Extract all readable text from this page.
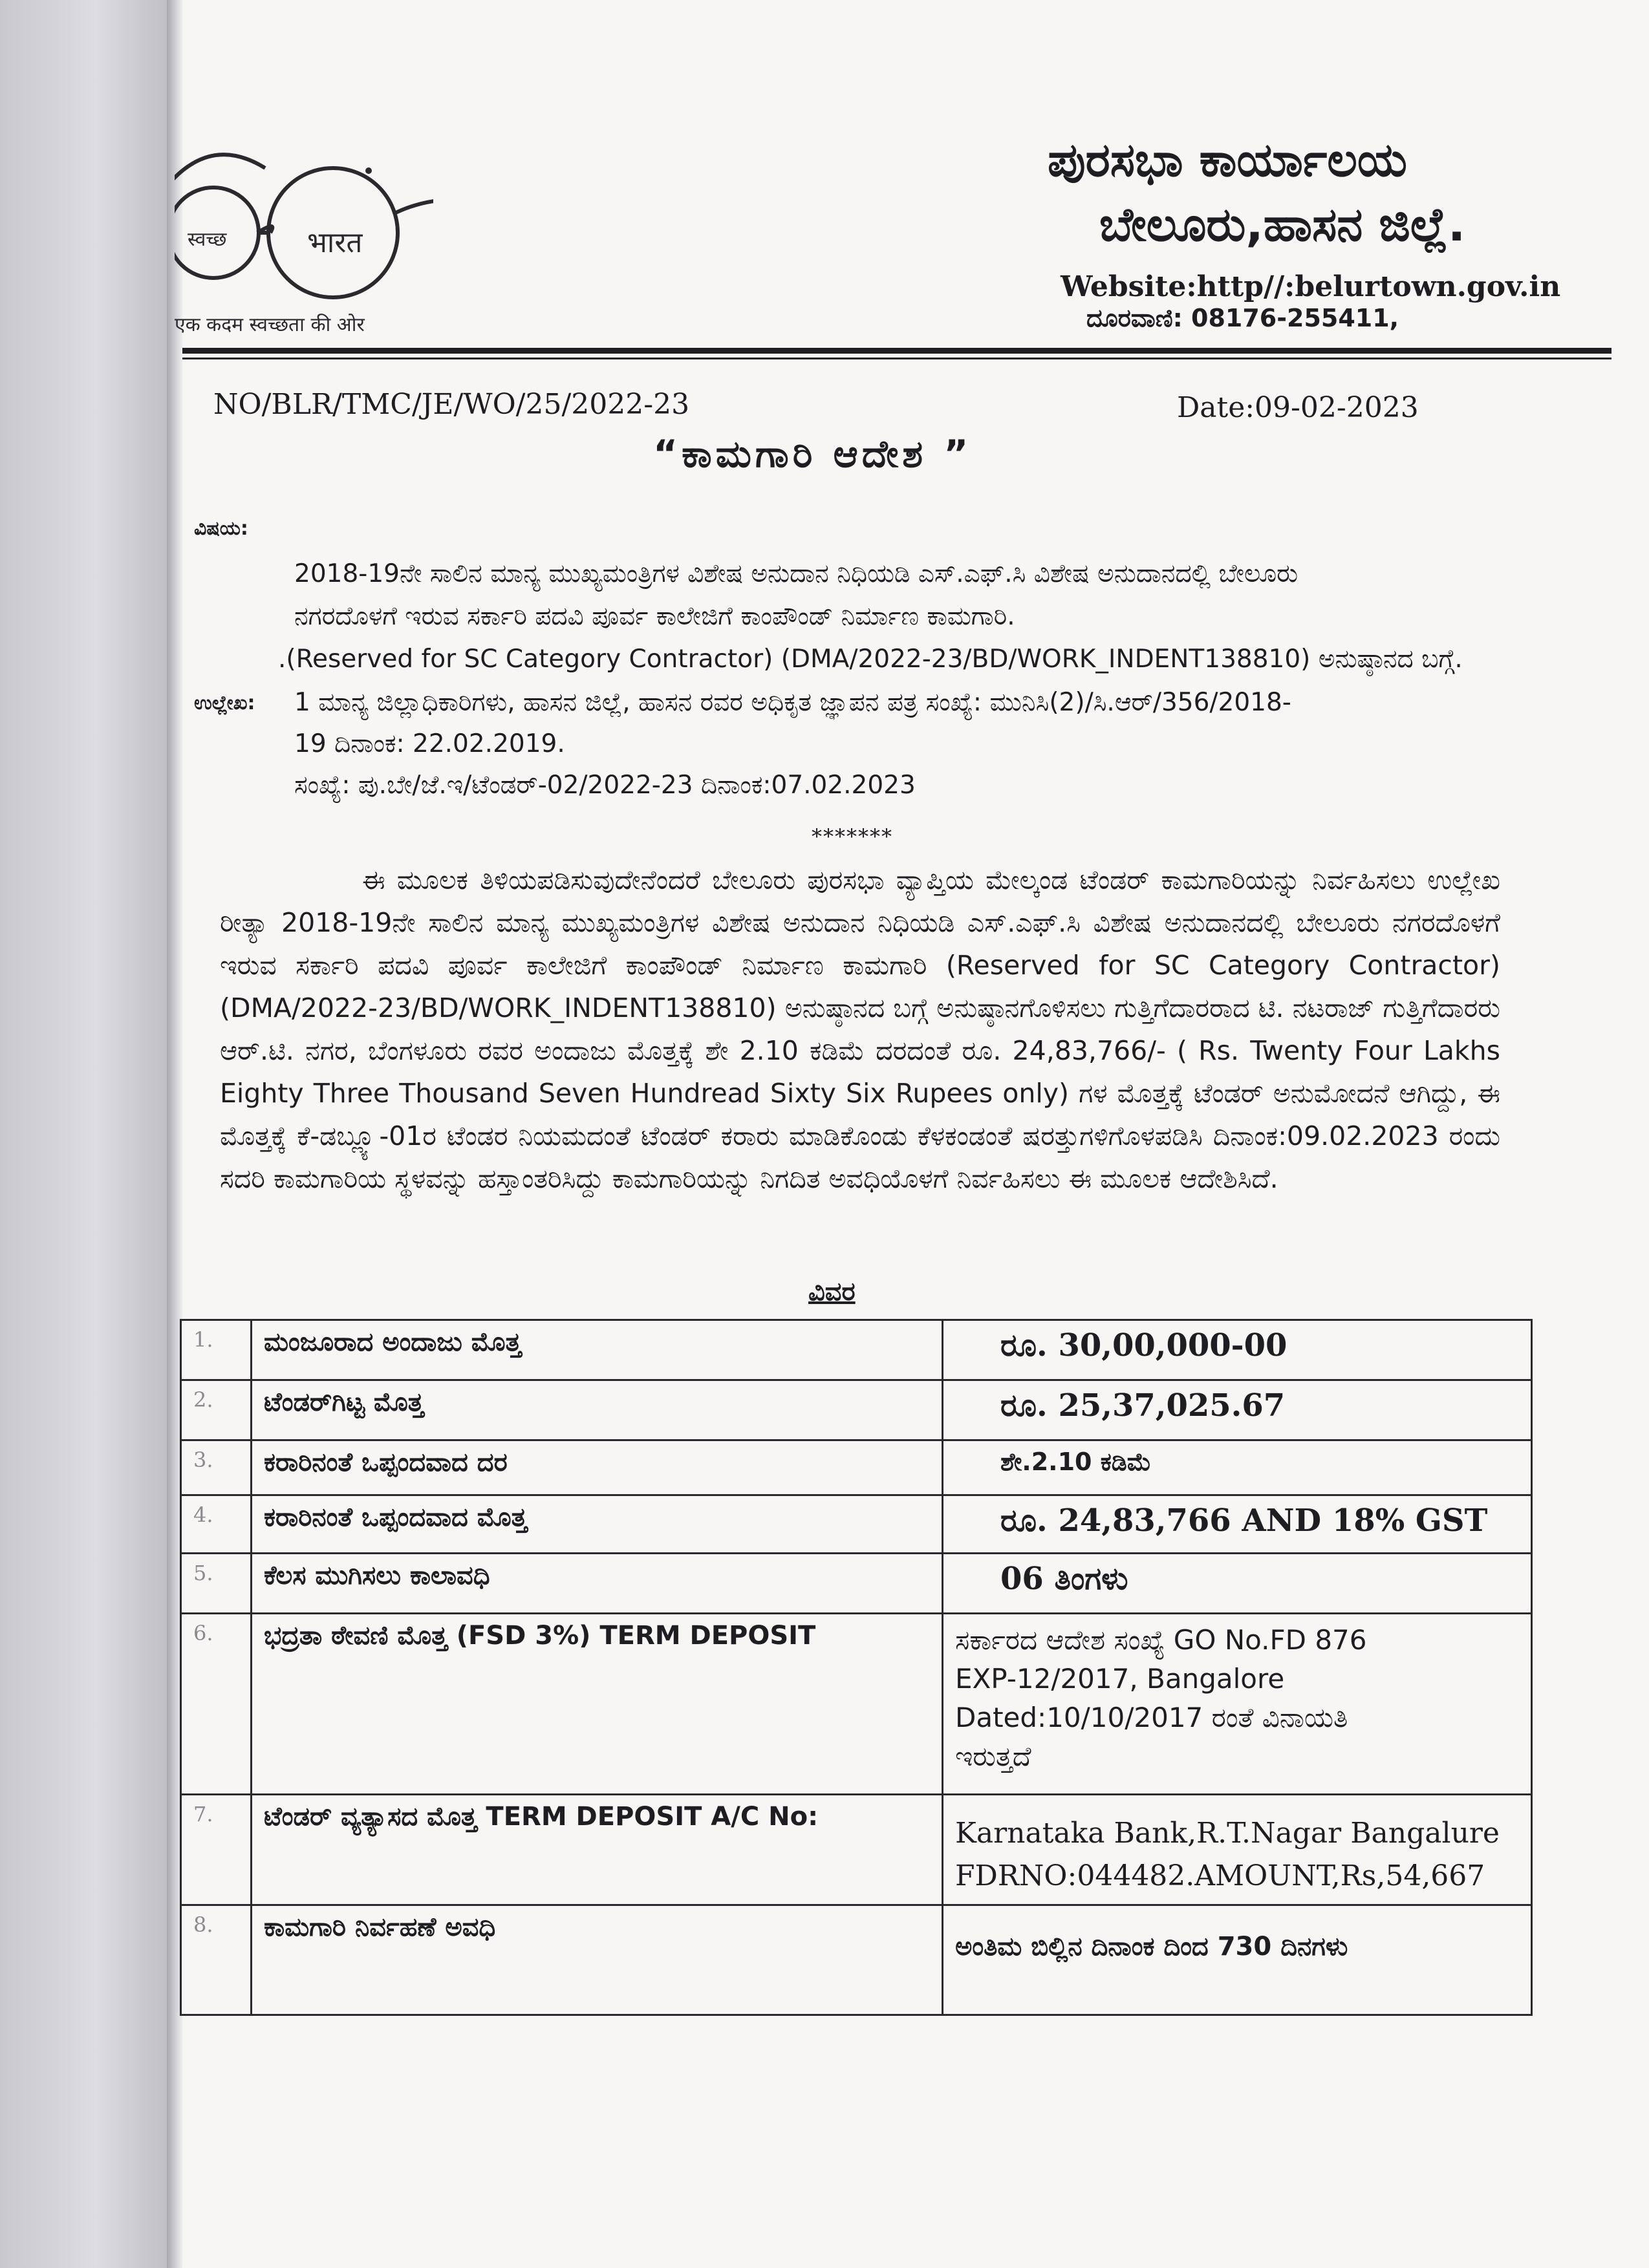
भारत
स्वच्छ
एक कदम स्वच्छता की ओर
ಪುರಸಭಾ ಕಾರ್ಯಾಲಯ
ಬೇಲೂರು,ಹಾಸನ ಜಿಲ್ಲೆ.
Website:http//:belurtown.gov.in
ದೂರವಾಣಿ: 08176-255411,
NO/BLR/TMC/JE/WO/25/2022-23	Date:09-02-2023
“ಕಾಮಗಾರಿ ಆದೇಶ ”
ವಿಷಯ:
2018-19ನೇ ಸಾಲಿನ ಮಾನ್ಯ ಮುಖ್ಯಮಂತ್ರಿಗಳ ವಿಶೇಷ ಅನುದಾನ ನಿಧಿಯಡಿ ಎಸ್.ಎಫ್.ಸಿ ವಿಶೇಷ ಅನುದಾನದಲ್ಲಿ ಬೇಲೂರು
ನಗರದೊಳಗೆ ಇರುವ ಸರ್ಕಾರಿ ಪದವಿ ಪೂರ್ವ ಕಾಲೇಜಿಗೆ ಕಾಂಪೌಂಡ್ ನಿರ್ಮಾಣ ಕಾಮಗಾರಿ.
.(Reserved for SC Category Contractor) (DMA/2022-23/BD/WORK_INDENT138810) ಅನುಷ್ಠಾನದ ಬಗ್ಗೆ.
ಉಲ್ಲೇಖ: 1 ಮಾನ್ಯ ಜಿಲ್ಲಾಧಿಕಾರಿಗಳು, ಹಾಸನ ಜಿಲ್ಲೆ, ಹಾಸನ ರವರ ಅಧಿಕೃತ ಜ್ಞಾಪನ ಪತ್ರ ಸಂಖ್ಯೆ: ಮುನಿಸಿ(2)/ಸಿ.ಆರ್/356/2018-
19 ದಿನಾಂಕ: 22.02.2019.
ಸಂಖ್ಯೆ: ಪು.ಬೇ/ಜೆ.ಇ/ಟೆಂಡರ್-02/2022-23 ದಿನಾಂಕ:07.02.2023
*******
ಈ ಮೂಲಕ ತಿಳಿಯಪಡಿಸುವುದೇನೆಂದರೆ ಬೇಲೂರು ಪುರಸಭಾ ವ್ಯಾಪ್ತಿಯ ಮೇಲ್ಕಂಡ ಟೆಂಡರ್ ಕಾಮಗಾರಿಯನ್ನು ನಿರ್ವಹಿಸಲು ಉಲ್ಲೇಖ ರೀತ್ಯಾ 2018-19ನೇ ಸಾಲಿನ ಮಾನ್ಯ ಮುಖ್ಯಮಂತ್ರಿಗಳ ವಿಶೇಷ ಅನುದಾನ ನಿಧಿಯಡಿ ಎಸ್.ಎಫ್.ಸಿ ವಿಶೇಷ ಅನುದಾನದಲ್ಲಿ ಬೇಲೂರು ನಗರದೊಳಗೆ ಇರುವ ಸರ್ಕಾರಿ ಪದವಿ ಪೂರ್ವ ಕಾಲೇಜಿಗೆ ಕಾಂಪೌಂಡ್ ನಿರ್ಮಾಣ ಕಾಮಗಾರಿ (Reserved for SC Category Contractor) (DMA/2022-23/BD/WORK_INDENT138810) ಅನುಷ್ಠಾನದ ಬಗ್ಗೆ ಅನುಷ್ಠಾನಗೊಳಿಸಲು ಗುತ್ತಿಗೆದಾರರಾದ ಟಿ. ನಟರಾಜ್ ಗುತ್ತಿಗೆದಾರರು ಆರ್.ಟಿ. ನಗರ, ಬೆಂಗಳೂರು ರವರ ಅಂದಾಜು ಮೊತ್ತಕ್ಕೆ ಶೇ 2.10 ಕಡಿಮೆ ದರದಂತೆ ರೂ. 24,83,766/- ( Rs. Twenty Four Lakhs Eighty Three Thousand Seven Hundread Sixty Six Rupees only) ಗಳ ಮೊತ್ತಕ್ಕೆ ಟೆಂಡರ್ ಅನುಮೋದನೆ ಆಗಿದ್ದು, ಈ ಮೊತ್ತಕ್ಕೆ ಕೆ-ಡಬ್ಲ್ಯೂ-01ರ ಟೆಂಡರ ನಿಯಮದಂತೆ ಟೆಂಡರ್ ಕರಾರು ಮಾಡಿಕೊಂಡು ಕೆಳಕಂಡಂತೆ ಷರತ್ತುಗಳಿಗೊಳಪಡಿಸಿ ದಿನಾಂಕ:09.02.2023 ರಂದು ಸದರಿ ಕಾಮಗಾರಿಯ ಸ್ಥಳವನ್ನು ಹಸ್ತಾಂತರಿಸಿದ್ದು ಕಾಮಗಾರಿಯನ್ನು ನಿಗದಿತ ಅವಧಿಯೊಳಗೆ ನಿರ್ವಹಿಸಲು ಈ ಮೂಲಕ ಆದೇಶಿಸಿದೆ.
ವಿವರ
1.	ಮಂಜೂರಾದ ಅಂದಾಜು ಮೊತ್ತ	ರೂ. 30,00,000-00

2.	ಟೆಂಡರ್‌ಗಿಟ್ಟ ಮೊತ್ತ	ರೂ. 25,37,025.67

3.	ಕರಾರಿನಂತೆ ಒಪ್ಪಂದವಾದ ದರ	ಶೇ.2.10 ಕಡಿಮೆ

4.	ಕರಾರಿನಂತೆ ಒಪ್ಪಂದವಾದ ಮೊತ್ತ	ರೂ. 24,83,766 AND 18% GST

5.	ಕೆಲಸ ಮುಗಿಸಲು ಕಾಲಾವಧಿ	06 ತಿಂಗಳು

6.	ಭದ್ರತಾ ಠೇವಣಿ ಮೊತ್ತ (FSD 3%) TERM DEPOSIT	ಸರ್ಕಾರದ ಆದೇಶ ಸಂಖ್ಯೆ GO No.FD 876
EXP-12/2017, Bangalore
Dated:10/10/2017 ರಂತೆ ವಿನಾಯತಿ
ಇರುತ್ತದೆ

7.	ಟೆಂಡರ್ ವ್ಯತ್ಯಾಸದ ಮೊತ್ತ TERM DEPOSIT A/C No:	Karnataka Bank,R.T.Nagar Bangalure
FDRNO:044482.AMOUNT,Rs,54,667

8.	ಕಾಮಗಾರಿ ನಿರ್ವಹಣೆ ಅವಧಿ	ಅಂತಿಮ ಬಿಲ್ಲಿನ ದಿನಾಂಕ ದಿಂದ 730 ದಿನಗಳು
